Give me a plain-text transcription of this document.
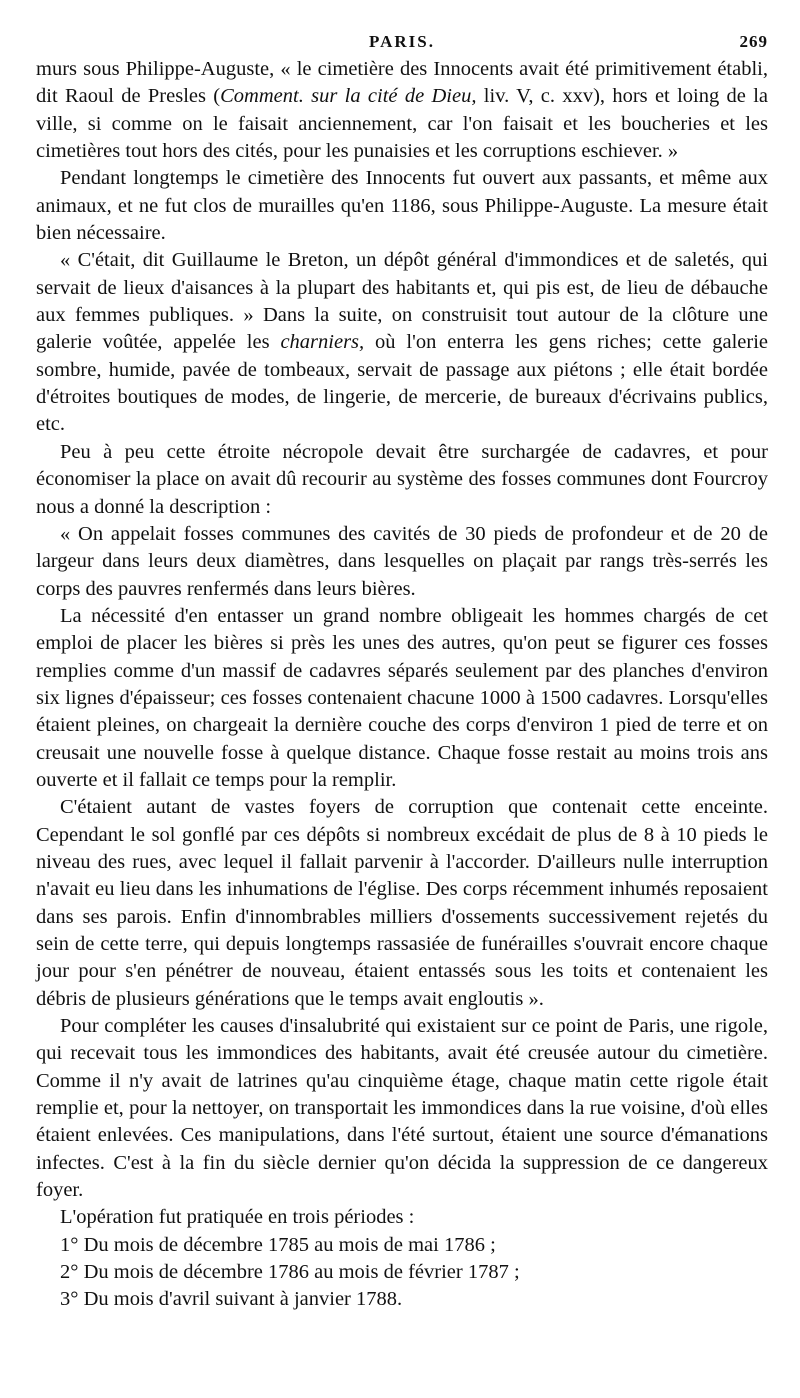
PARIS.	269

murs sous Philippe-Auguste, « le cimetière des Innocents avait été primitivement établi, dit Raoul de Presles (Comment. sur la cité de Dieu, liv. V, c. xxv), hors et loing de la ville, si comme on le faisait anciennement, car l'on faisait et les boucheries et les cimetières tout hors des cités, pour les punaisies et les corruptions eschiever. »

Pendant longtemps le cimetière des Innocents fut ouvert aux passants, et même aux animaux, et ne fut clos de murailles qu'en 1186, sous Philippe-Auguste. La mesure était bien nécessaire.

« C'était, dit Guillaume le Breton, un dépôt général d'immondices et de saletés, qui servait de lieux d'aisances à la plupart des habitants et, qui pis est, de lieu de débauche aux femmes publiques. » Dans la suite, on construisit tout autour de la clôture une galerie voûtée, appelée les charniers, où l'on enterra les gens riches; cette galerie sombre, humide, pavée de tombeaux, servait de passage aux piétons ; elle était bordée d'étroites boutiques de modes, de lingerie, de mercerie, de bureaux d'écrivains publics, etc.

Peu à peu cette étroite nécropole devait être surchargée de cadavres, et pour économiser la place on avait dû recourir au système des fosses communes dont Fourcroy nous a donné la description :

« On appelait fosses communes des cavités de 30 pieds de profondeur et de 20 de largeur dans leurs deux diamètres, dans lesquelles on plaçait par rangs très-serrés les corps des pauvres renfermés dans leurs bières.

La nécessité d'en entasser un grand nombre obligeait les hommes chargés de cet emploi de placer les bières si près les unes des autres, qu'on peut se figurer ces fosses remplies comme d'un massif de cadavres séparés seulement par des planches d'environ six lignes d'épaisseur; ces fosses contenaient chacune 1000 à 1500 cadavres. Lorsqu'elles étaient pleines, on chargeait la dernière couche des corps d'environ 1 pied de terre et on creusait une nouvelle fosse à quelque distance. Chaque fosse restait au moins trois ans ouverte et il fallait ce temps pour la remplir.

C'étaient autant de vastes foyers de corruption que contenait cette enceinte. Cependant le sol gonflé par ces dépôts si nombreux excédait de plus de 8 à 10 pieds le niveau des rues, avec lequel il fallait parvenir à l'accorder. D'ailleurs nulle interruption n'avait eu lieu dans les inhumations de l'église. Des corps récemment inhumés reposaient dans ses parois. Enfin d'innombrables milliers d'ossements successivement rejetés du sein de cette terre, qui depuis longtemps rassasiée de funérailles s'ouvrait encore chaque jour pour s'en pénétrer de nouveau, étaient entassés sous les toits et contenaient les débris de plusieurs générations que le temps avait engloutis ».

Pour compléter les causes d'insalubrité qui existaient sur ce point de Paris, une rigole, qui recevait tous les immondices des habitants, avait été creusée autour du cimetière. Comme il n'y avait de latrines qu'au cinquième étage, chaque matin cette rigole était remplie et, pour la nettoyer, on transportait les immondices dans la rue voisine, d'où elles étaient enlevées. Ces manipulations, dans l'été surtout, étaient une source d'émanations infectes. C'est à la fin du siècle dernier qu'on décida la suppression de ce dangereux foyer.

L'opération fut pratiquée en trois périodes :

1° Du mois de décembre 1785 au mois de mai 1786 ;

2° Du mois de décembre 1786 au mois de février 1787 ;

3° Du mois d'avril suivant à janvier 1788.
